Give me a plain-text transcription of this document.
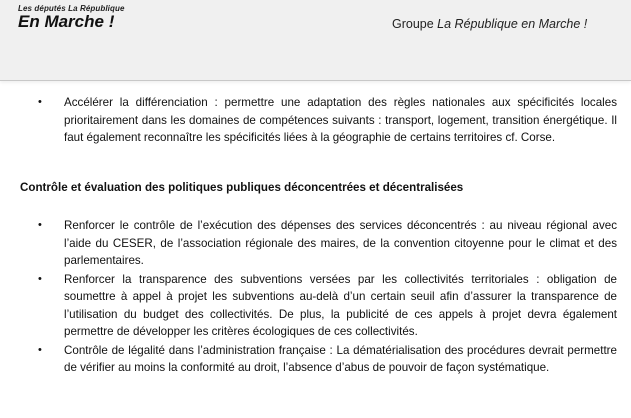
Les députés La République
En Marche !	Groupe La République en Marche !
• Accélérer la différenciation : permettre une adaptation des règles nationales aux spécificités locales prioritairement dans les domaines de compétences suivants : transport, logement, transition énergétique. Il faut également reconnaître les spécificités liées à la géographie de certains territoires cf. Corse.
Contrôle et évaluation des politiques publiques déconcentrées et décentralisées
• Renforcer le contrôle de l’exécution des dépenses des services déconcentrés : au niveau régional avec l’aide du CESER, de l’association régionale des maires, de la convention citoyenne pour le climat et des parlementaires.
• Renforcer la transparence des subventions versées par les collectivités territoriales : obligation de soumettre à appel à projet les subventions au-delà d’un certain seuil afin d’assurer la transparence de l’utilisation du budget des collectivités. De plus, la publicité de ces appels à projet devra également permettre de développer les critères écologiques de ces collectivités.
• Contrôle de légalité dans l’administration française : La dématérialisation des procédures devrait permettre de vérifier au moins la conformité au droit, l’absence d’abus de pouvoir de façon systématique.
